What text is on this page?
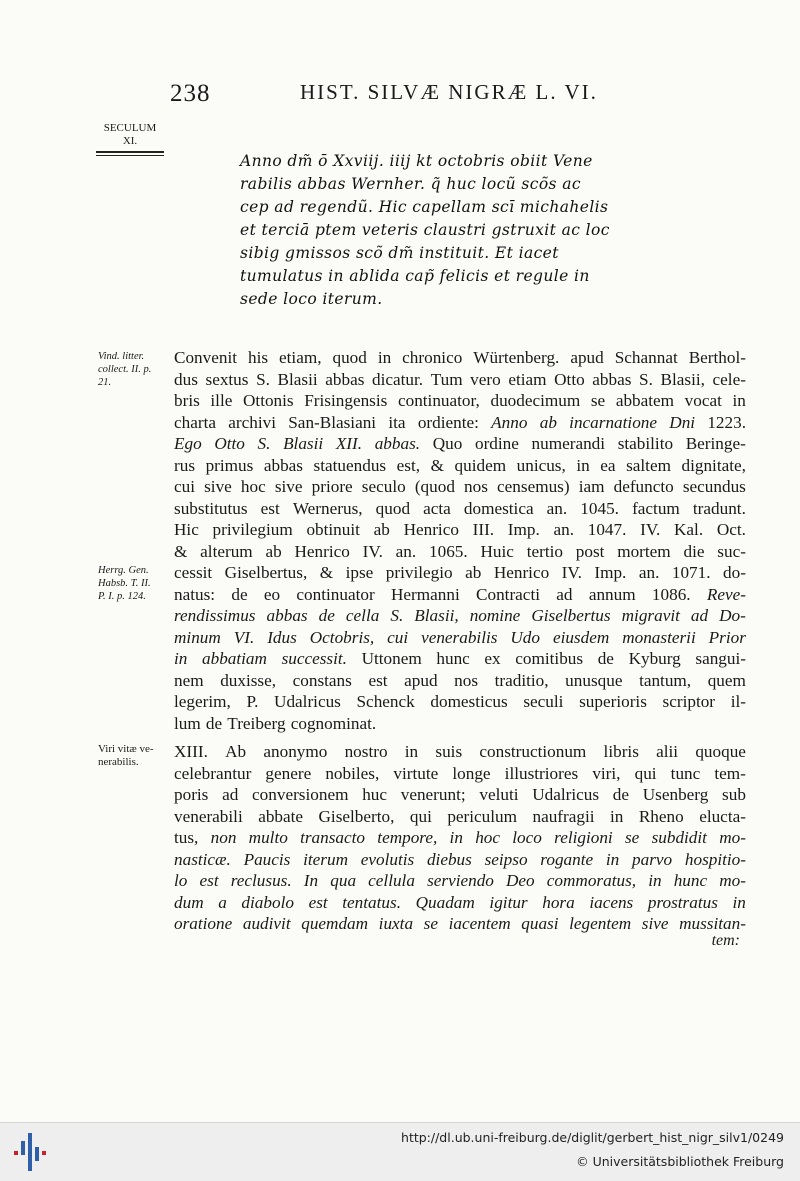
238	HIST. SILVÆ NIGRÆ L. VI.
SECULUM
XI.
Anno dm̃ ō Xxviij. iiij kt octobris obiit Vene
rabilis abbas Wernher. q̃ huc locũ scõs ac
cep ad regendũ. Hic capellam scī michahelis
et terciā ptem veteris claustri gstruxit ac loc
sibig gmissos scõ dm̃ instituit. Et iacet
tumulatus in ablida cap̃ felicis et regule in
sede loco iterum.
Vind. litter.
collect. II. p.
21.
Herrg. Gen.
Habsb. T. II.
P. I. p. 124.
Viri vitæ ve-
nerabilis.
Convenit his etiam, quod in chronico Würtenberg. apud Schannat Berthol-
dus sextus S. Blasii abbas dicatur. Tum vero etiam Otto abbas S. Blasii, cele-
bris ille Ottonis Frisingensis continuator, duodecimum se abbatem vocat in
charta archivi San-Blasiani ita ordiente: Anno ab incarnatione Dni 1223.
Ego Otto S. Blasii XII. abbas. Quo ordine numerandi stabilito Beringe-
rus primus abbas statuendus est, & quidem unicus, in ea saltem dignitate,
cui sive hoc sive priore seculo (quod nos censemus) iam defuncto secundus
substitutus est Wernerus, quod acta domestica an. 1045. factum tradunt.
Hic privilegium obtinuit ab Henrico III. Imp. an. 1047. IV. Kal. Oct.
& alterum ab Henrico IV. an. 1065. Huic tertio post mortem die suc-
cessit Giselbertus, & ipse privilegio ab Henrico IV. Imp. an. 1071. do-
natus: de eo continuator Hermanni Contracti ad annum 1086. Reve-
rendissimus abbas de cella S. Blasii, nomine Giselbertus migravit ad Do-
minum VI. Idus Octobris, cui venerabilis Udo eiusdem monasterii Prior
in abbatiam successit. Uttonem hunc ex comitibus de Kyburg sangui-
nem duxisse, constans est apud nos traditio, unusque tantum, quem
legerim, P. Udalricus Schenck domesticus seculi superioris scriptor il-
lum de Treiberg cognominat.
XIII. Ab anonymo nostro in suis constructionum libris alii quoque
celebrantur genere nobiles, virtute longe illustriores viri, qui tunc tem-
poris ad conversionem huc venerunt; veluti Udalricus de Usenberg sub
venerabili abbate Giselberto, qui periculum naufragii in Rheno elucta-
tus, non multo transacto tempore, in hoc loco religioni se subdidit mo-
nasticæ. Paucis iterum evolutis diebus seipso rogante in parvo hospitio-
lo est reclusus. In qua cellula serviendo Deo commoratus, in hunc mo-
dum a diabolo est tentatus. Quadam igitur hora iacens prostratus in
oratione audivit quemdam iuxta se iacentem quasi legentem sive mussitan-
tem:
http://dl.ub.uni-freiburg.de/diglit/gerbert_hist_nigr_silv1/0249
© Universitätsbibliothek Freiburg
